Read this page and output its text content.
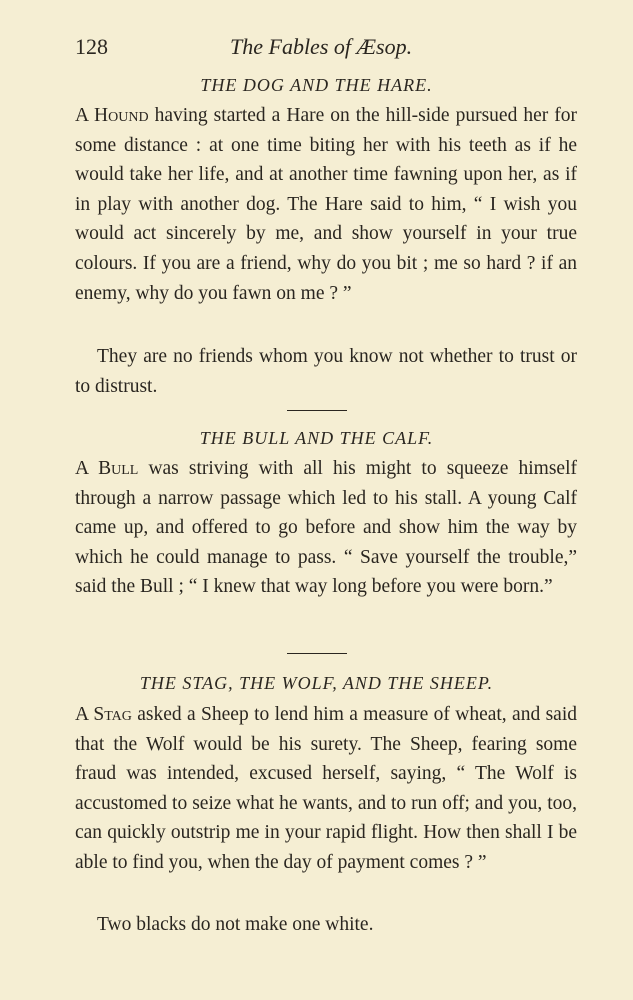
128	The Fables of Æsop.
THE DOG AND THE HARE.

A Hound having started a Hare on the hill-side pursued her for some distance : at one time biting her with his teeth as if he would take her life, and at another time fawning upon her, as if in play with another dog. The Hare said to him, “ I wish you would act sincerely by me, and show yourself in your true colours. If you are a friend, why do you bit ; me so hard ? if an enemy, why do you fawn on me ? ”

They are no friends whom you know not whether to trust or to distrust.

THE BULL AND THE CALF.

A Bull was striving with all his might to squeeze himself through a narrow passage which led to his stall. A young Calf came up, and offered to go before and show him the way by which he could manage to pass. “ Save yourself the trouble,” said the Bull ; “ I knew that way long before you were born.”

THE STAG, THE WOLF, AND THE SHEEP.

A Stag asked a Sheep to lend him a measure of wheat, and said that the Wolf would be his surety. The Sheep, fearing some fraud was intended, excused herself, saying, “ The Wolf is accustomed to seize what he wants, and to run off; and you, too, can quickly outstrip me in your rapid flight. How then shall I be able to find you, when the day of payment comes ? ”

Two blacks do not make one white.
